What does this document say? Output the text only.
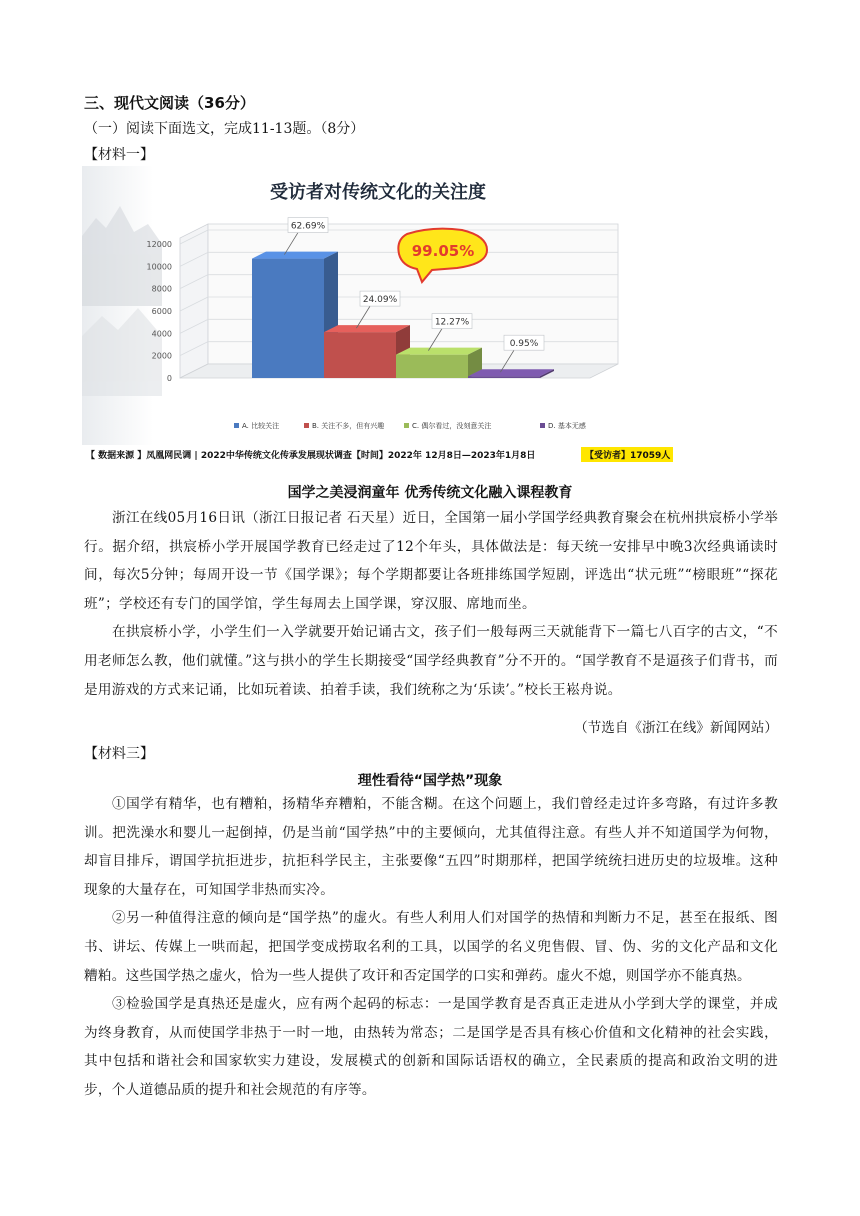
三、现代文阅读（36分）
（一）阅读下面选文，完成11-13题。（8分）
【材料一】
受访者对传统文化的关注度
0
2000
4000
6000
8000
10000
12000
62.69%
24.09%
12.27%
0.95%
A. 比较关注	B. 关注不多，但有兴趣	C. 偶尔看过，没刻意关注	D. 基本无感
99.05%
【 数据来源 】凤凰网民调 | 2022中华传统文化传承发展现状调查【时间】2022年 12月8日—2023年1月8日	【受访者】17059人
国学之美浸润童年 优秀传统文化融入课程教育

浙江在线05月16日讯（浙江日报记者 石天星）近日，全国第一届小学国学经典教育聚会在杭州拱宸桥小学举行。据介绍，拱宸桥小学开展国学教育已经走过了12个年头，具体做法是：每天统一安排早中晚3次经典诵读时间，每次5分钟；每周开设一节《国学课》；每个学期都要让各班排练国学短剧，评选出“状元班”“榜眼班”“探花班”；学校还有专门的国学馆，学生每周去上国学课，穿汉服、席地而坐。

在拱宸桥小学，小学生们一入学就要开始记诵古文，孩子们一般每两三天就能背下一篇七八百字的古文，“不用老师怎么教，他们就懂。”这与拱小的学生长期接受“国学经典教育”分不开的。“国学教育不是逼孩子们背书，而是用游戏的方式来记诵，比如玩着读、拍着手读，我们统称之为‘乐读’。”校长王崧舟说。

（节选自《浙江在线》新闻网站）
【材料三】
理性看待“国学热”现象

①国学有精华，也有糟粕，扬精华弃糟粕，不能含糊。在这个问题上，我们曾经走过许多弯路，有过许多教训。把洗澡水和婴儿一起倒掉，仍是当前“国学热”中的主要倾向，尤其值得注意。有些人并不知道国学为何物，却盲目排斥，谓国学抗拒进步，抗拒科学民主，主张要像“五四”时期那样，把国学统统扫进历史的垃圾堆。这种现象的大量存在，可知国学非热而实冷。

②另一种值得注意的倾向是“国学热”的虚火。有些人利用人们对国学的热情和判断力不足，甚至在报纸、图书、讲坛、传媒上一哄而起，把国学变成捞取名利的工具，以国学的名义兜售假、冒、伪、劣的文化产品和文化糟粕。这些国学热之虚火，恰为一些人提供了攻讦和否定国学的口实和弹药。虚火不熄，则国学亦不能真热。

③检验国学是真热还是虚火，应有两个起码的标志：一是国学教育是否真正走进从小学到大学的课堂，并成为终身教育，从而使国学非热于一时一地，由热转为常态；二是国学是否具有核心价值和文化精神的社会实践，其中包括和谐社会和国家软实力建设，发展模式的创新和国际话语权的确立，全民素质的提高和政治文明的进步，个人道德品质的提升和社会规范的有序等。
